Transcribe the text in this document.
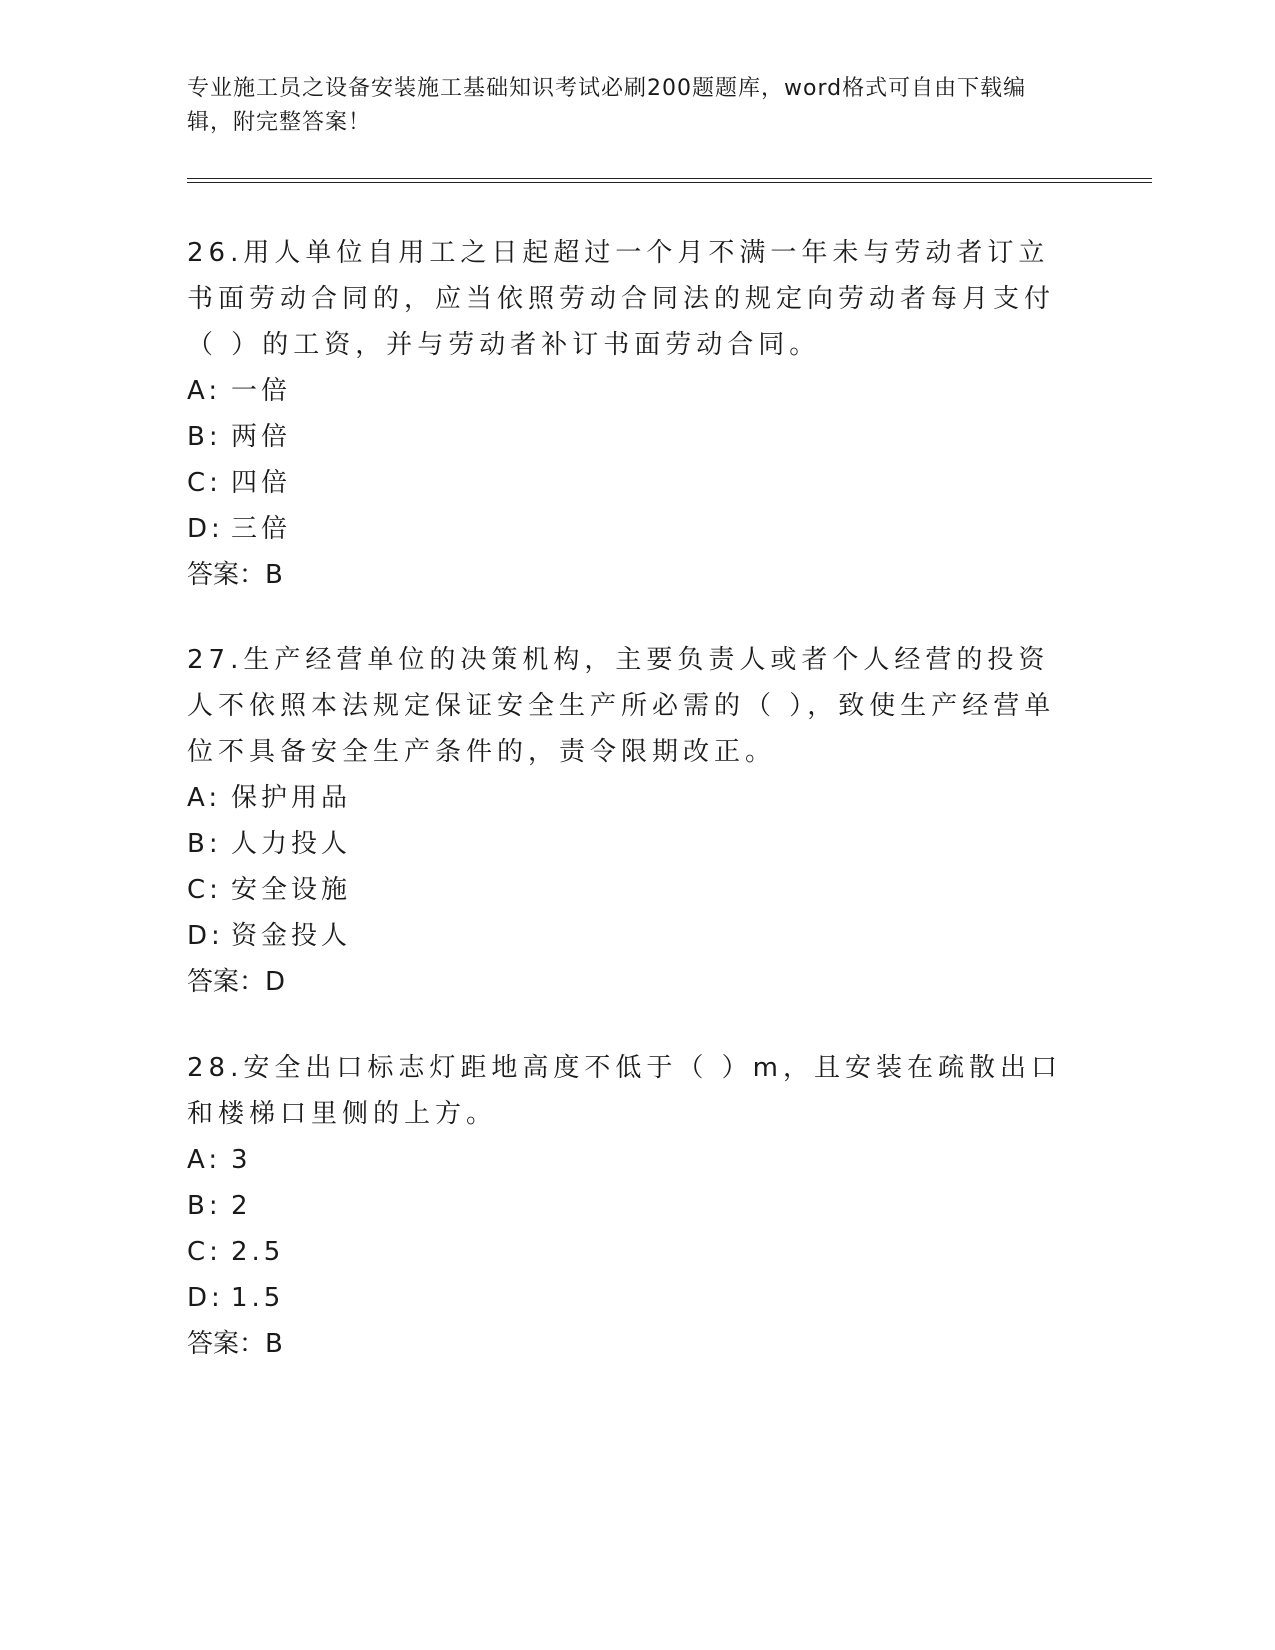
专业施工员之设备安装施工基础知识考试必刷200题题库，word格式可自由下载编辑，附完整答案！

26.用人单位自用工之日起超过一个月不满一年未与劳动者订立书面劳动合同的，应当依照劳动合同法的规定向劳动者每月支付（ ）的工资，并与劳动者补订书面劳动合同。

A: 一倍
B: 两倍
C: 四倍
D: 三倍
答案： B

27.生产经营单位的决策机构，主要负责人或者个人经营的投资人不依照本法规定保证安全生产所必需的（ ），致使生产经营单位不具备安全生产条件的，责令限期改正。

A: 保护用品
B: 人力投人
C: 安全设施
D: 资金投人
答案： D

28.安全出口标志灯距地高度不低于（ ）m，且安装在疏散出口和楼梯口里侧的上方。

A: 3
B: 2
C: 2.5
D: 1.5
答案： B
